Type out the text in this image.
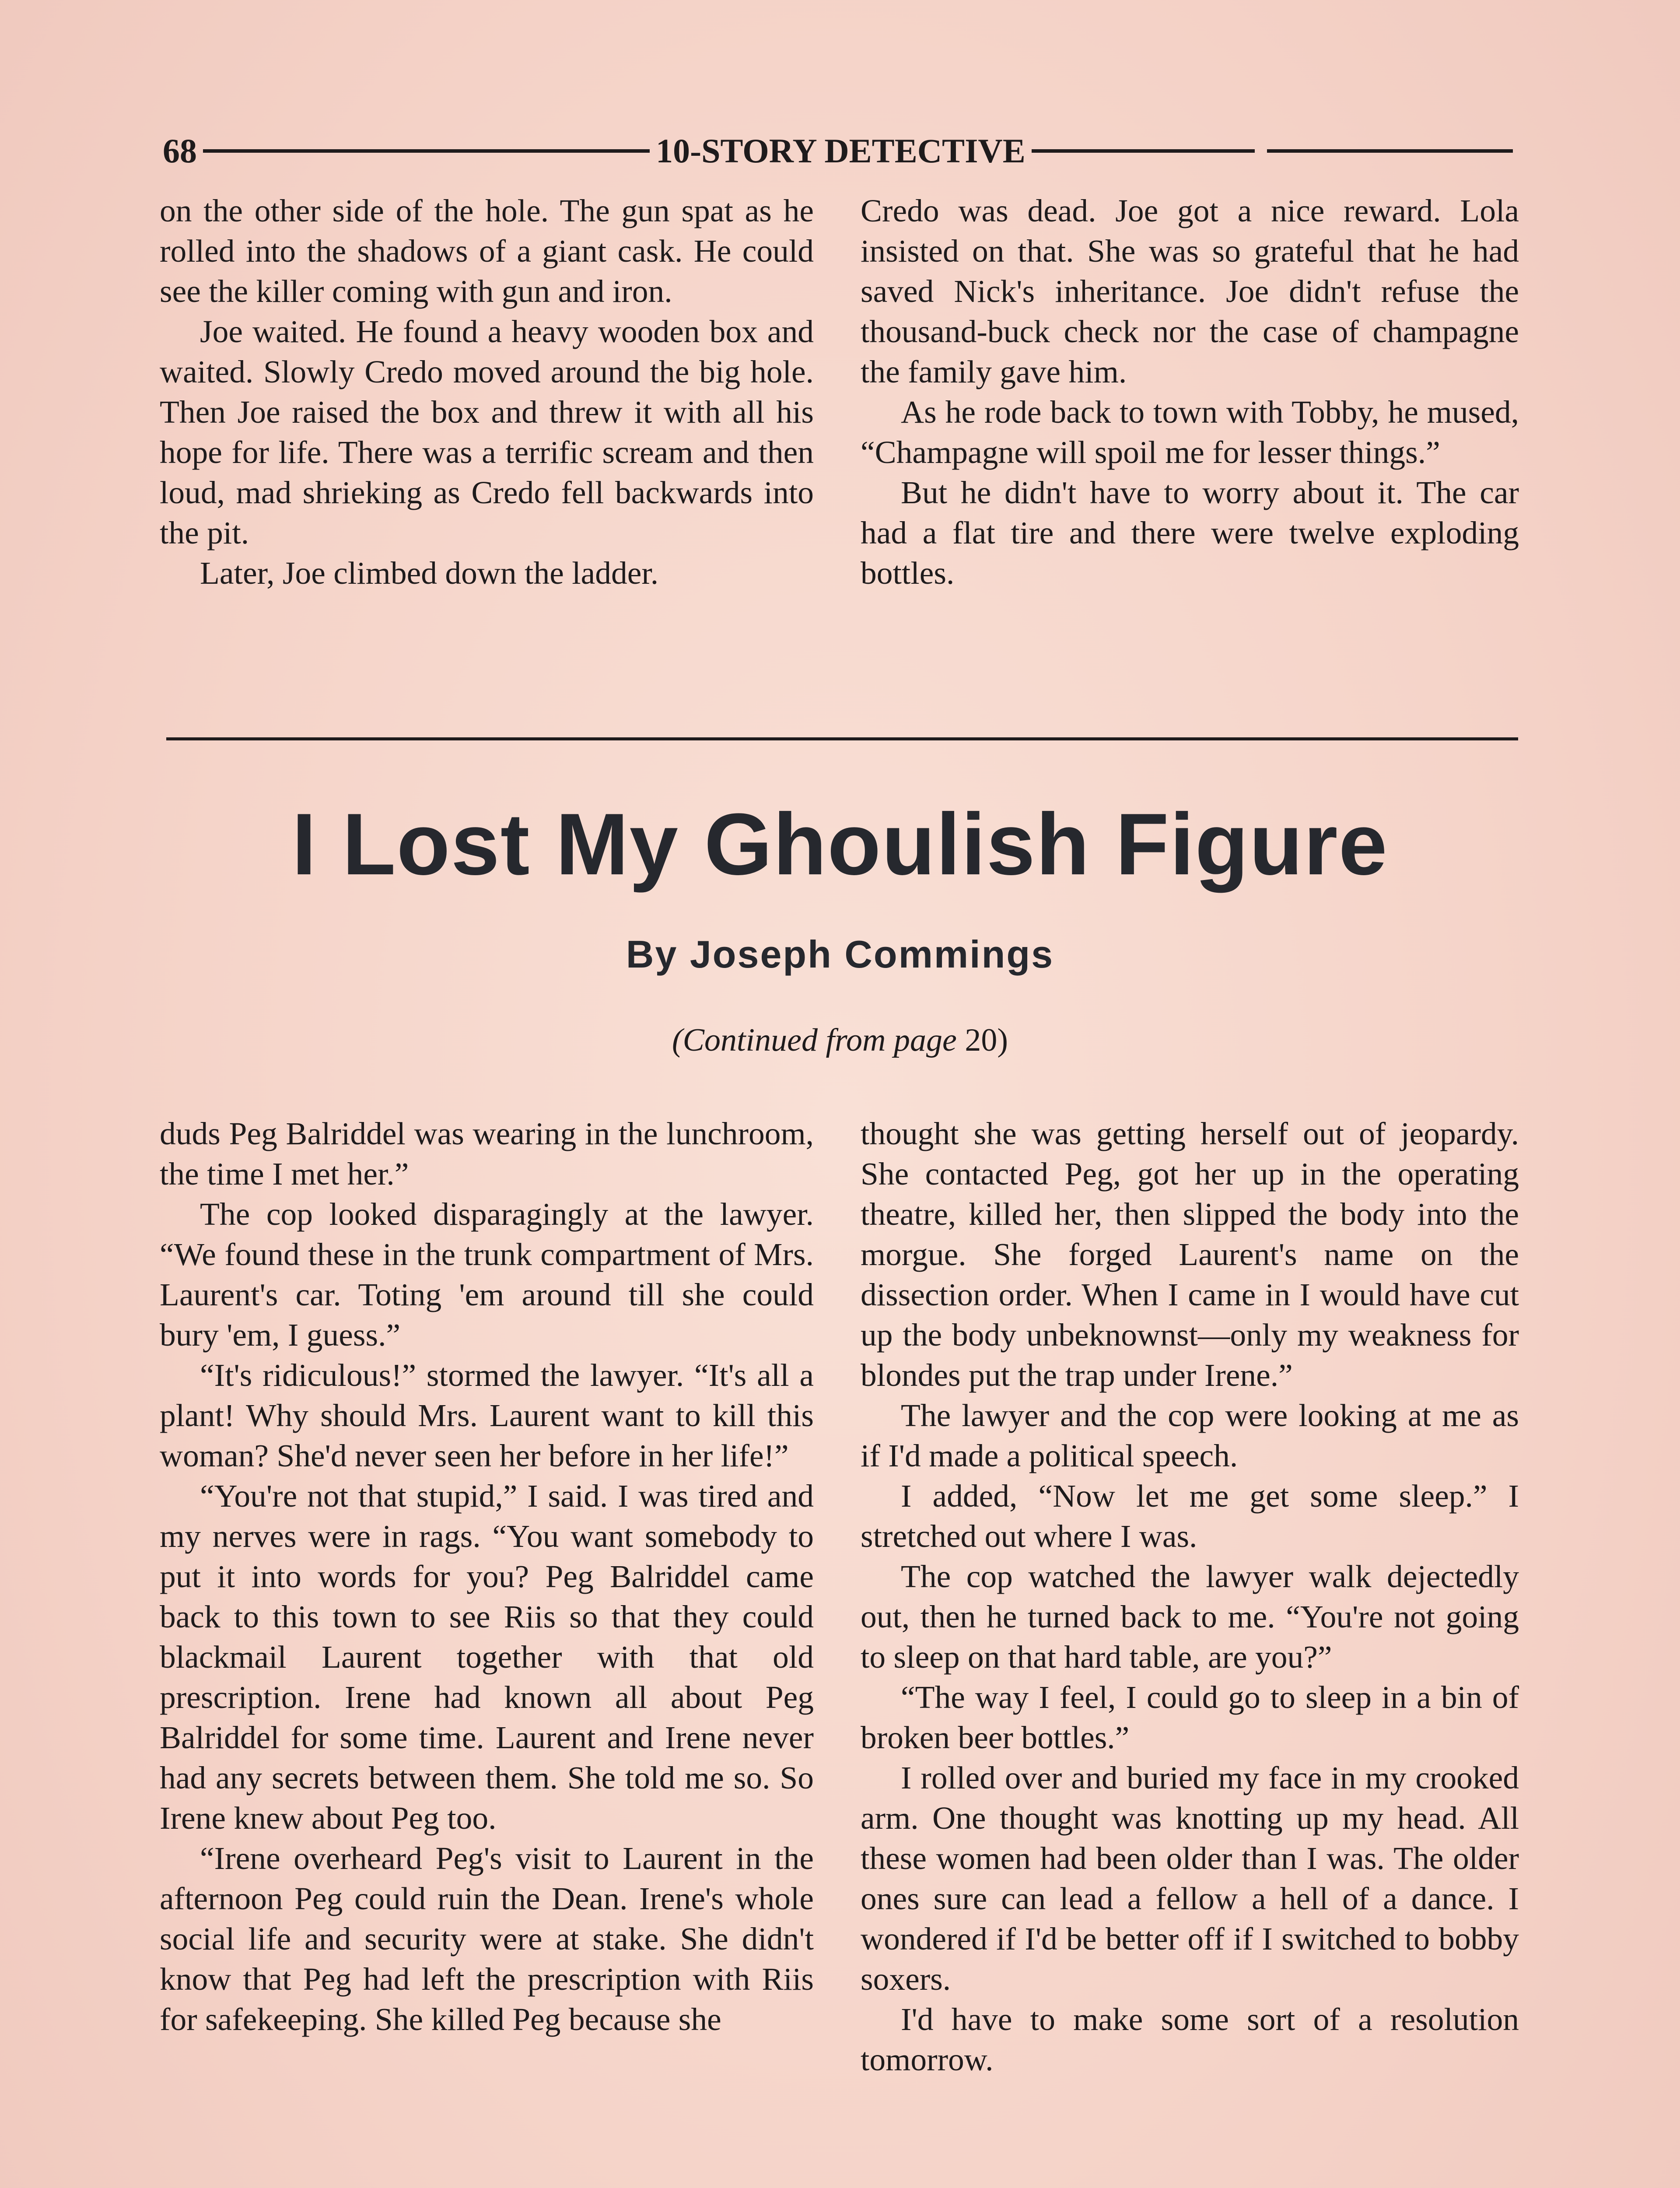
68	10-STORY DETECTIVE

on the other side of the hole. The gun spat as he rolled into the shadows of a giant cask. He could see the killer coming with gun and iron.

Joe waited. He found a heavy wooden box and waited. Slowly Credo moved around the big hole. Then Joe raised the box and threw it with all his hope for life. There was a terrific scream and then loud, mad shrieking as Credo fell backwards into the pit.

Later, Joe climbed down the ladder.

Credo was dead. Joe got a nice reward. Lola insisted on that. She was so grateful that he had saved Nick's inheritance. Joe didn't refuse the thousand-buck check nor the case of champagne the family gave him.

As he rode back to town with Tobby, he mused, “Champagne will spoil me for lesser things.”

But he didn't have to worry about it. The car had a flat tire and there were twelve exploding bottles.

I Lost My Ghoulish Figure
By Joseph Commings
(Continued from page 20)

duds Peg Balriddel was wearing in the lunchroom, the time I met her.”

The cop looked disparagingly at the lawyer. “We found these in the trunk compartment of Mrs. Laurent's car. Toting 'em around till she could bury 'em, I guess.”

“It's ridiculous!” stormed the lawyer. “It's all a plant! Why should Mrs. Laurent want to kill this woman? She'd never seen her before in her life!”

“You're not that stupid,” I said. I was tired and my nerves were in rags. “You want somebody to put it into words for you? Peg Balriddel came back to this town to see Riis so that they could blackmail Laurent together with that old prescription. Irene had known all about Peg Balriddel for some time. Laurent and Irene never had any secrets between them. She told me so. So Irene knew about Peg too.

“Irene overheard Peg's visit to Laurent in the afternoon Peg could ruin the Dean. Irene's whole social life and security were at stake. She didn't know that Peg had left the prescription with Riis for safekeeping. She killed Peg because she

thought she was getting herself out of jeopardy. She contacted Peg, got her up in the operating theatre, killed her, then slipped the body into the morgue. She forged Laurent's name on the dissection order. When I came in I would have cut up the body unbeknownst—only my weakness for blondes put the trap under Irene.”

The lawyer and the cop were looking at me as if I'd made a political speech.

I added, “Now let me get some sleep.” I stretched out where I was.

The cop watched the lawyer walk dejectedly out, then he turned back to me. “You're not going to sleep on that hard table, are you?”

“The way I feel, I could go to sleep in a bin of broken beer bottles.”

I rolled over and buried my face in my crooked arm. One thought was knotting up my head. All these women had been older than I was. The older ones sure can lead a fellow a hell of a dance. I wondered if I'd be better off if I switched to bobby soxers.

I'd have to make some sort of a resolution tomorrow.
